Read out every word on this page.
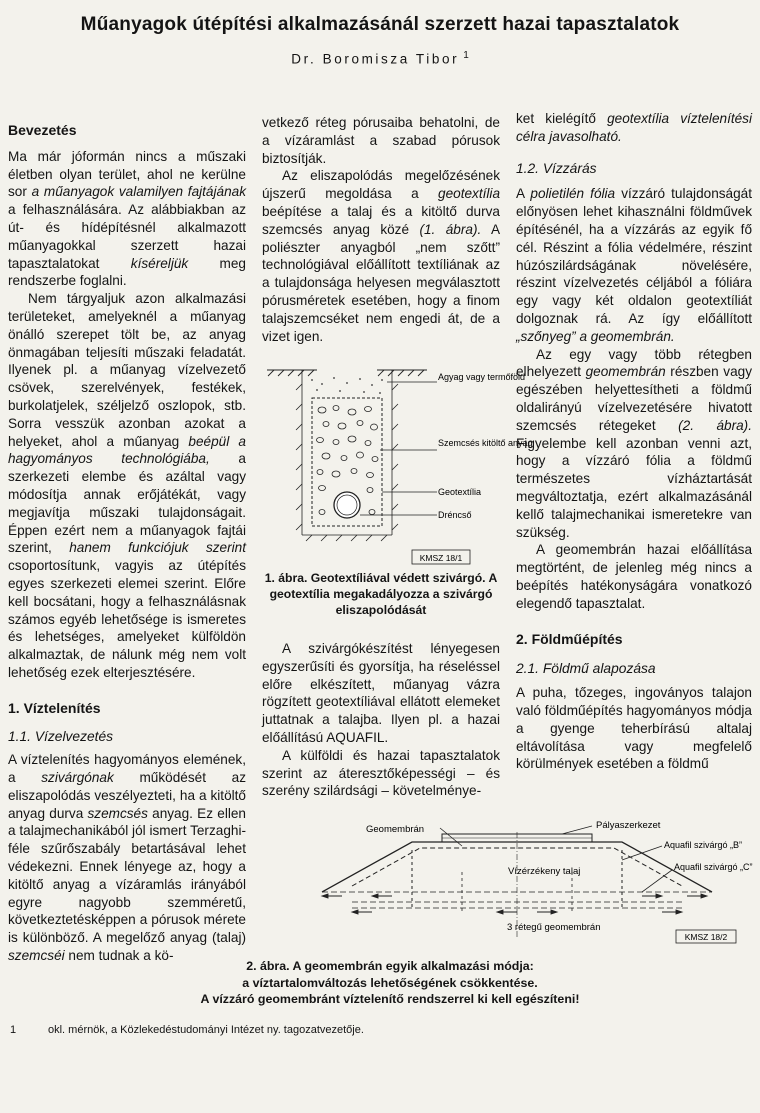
Műanyagok útépítési alkalmazásánál szerzett hazai tapasztalatok
Dr. Boromisza Tibor $^1$
Bevezetés

Ma már jóformán nincs a műszaki életben olyan terület, ahol ne kerülne sor a műanyagok valamilyen fajtájának a felhasználására. Az alábbiakban az út- és hídépítésnél alkalmazott műanyagokkal szerzett hazai tapasztalatokat kíséreljük meg rendszerbe foglalni.

Nem tárgyaljuk azon alkalmazási területeket, amelyeknél a műanyag önálló szerepet tölt be, az anyag önmagában teljesíti műszaki feladatát. Ilyenek pl. a műanyag vízelvezető csövek, szerelvények, festékek, burkolatjelek, széljelző oszlopok, stb. Sorra vesszük azonban azokat a helyeket, ahol a műanyag beépül a hagyományos technológiába, a szerkezeti elembe és azáltal vagy módosítja annak erőjátékát, vagy megjavítja műszaki tulajdonságait. Éppen ezért nem a műanyagok fajtái szerint, hanem funkciójuk szerint csoportosítunk, vagyis az útépítés egyes szerkezeti elemei szerint. Előre kell bocsátani, hogy a felhasználásnak számos egyéb lehetősége is ismeretes és lehetséges, amelyeket külföldön alkalmaztak, de nálunk még nem volt lehetőség ezek elterjesztésére.

1. Víztelenítés
1.1. Vízelvezetés

A víztelenítés hagyományos elemének, a szivárgónak működését az eliszapolódás veszélyezteti, ha a kitöltő anyag durva szemcsés anyag. Ez ellen a talajmechanikából jól ismert Terzaghi-féle szűrőszabály betartásával lehet védekezni. Ennek lényege az, hogy a kitöltő anyag a vízáramlás irányából egyre nagyobb szemméretű, következtetésképpen a pórusok mérete is különböző. A megelőző anyag (talaj) szemcséi nem tudnak a kö-

vetkező réteg pórusaiba behatolni, de a vízáramlást a szabad pórusok biztosítják.

Az eliszapolódás megelőzésének újszerű megoldása a geotextília beépítése a talaj és a kitöltő durva szemcsés anyag közé (1. ábra). A poliészter anyagból „nem szőtt” technológiával előállított textíliának az a tulajdonsága helyesen megválasztott pórusméretek esetében, hogy a finom talajszemcséket nem engedi át, de a vizet igen.

Agyag vagy termőföld
Szemcsés kitöltő anyag
Geotextília
Dréncső
KMSZ 18/1
1. ábra. Geotextíliával védett szivárgó. A geotextília megakadályozza a szivárgó eliszapolódását

A szivárgókészítést lényegesen egyszerűsíti és gyorsítja, ha réseléssel előre elkészített, műanyag vázra rögzített geotextíliával ellátott elemeket juttatnak a talajba. Ilyen pl. a hazai előállítású AQUAFIL.

A külföldi és hazai tapasztalatok szerint az áteresztőképességi – és szerény szilárdsági – követelménye-

ket kielégítő geotextília víztelenítési célra javasolható.

1.2. Vízzárás

A polietilén fólia vízzáró tulajdonságát előnyösen lehet kihasználni földművek építésénél, ha a vízzárás az egyik fő cél. Részint a fólia védelmére, részint húzószilárdságának növelésére, részint vízelvezetés céljából a fóliára egy vagy két oldalon geotextíliát dolgoznak rá. Az így előállított „szőnyeg” a geomembrán.

Az egy vagy több rétegben elhelyezett geomembrán részben vagy egészében helyettesítheti a földmű oldalirányú vízelvezetésére hivatott szemcsés rétegeket (2. ábra). Figyelembe kell azonban venni azt, hogy a vízzáró fólia a földmű természetes vízháztartását megváltoztatja, ezért alkalmazásánál kellő talajmechanikai ismeretekre van szükség.

A geomembrán hazai előállítása megtörtént, de jelenleg még nincs a beépítés hatékonyságára vonatkozó elegendő tapasztalat.

2. Földműépítés
2.1. Földmű alapozása

A puha, tőzeges, ingoványos talajon való földműépítés hagyományos módja a gyenge teherbírású altalaj eltávolítása vagy megfelelő körülmények esetében a földmű

Geomembrán	Pályaszerkezet
Aquafil szivárgó „B”
Aquafil szivárgó „C”
Vízérzékeny talaj
3 rétegű geomembrán
KMSZ 18/2
2. ábra. A geomembrán egyik alkalmazási módja:
a víztartalomváltozás lehetőségének csökkentése.
A vízzáró geomembránt víztelenítő rendszerrel ki kell egészíteni!
1	okl. mérnök, a Közlekedéstudományi Intézet ny. tagozatvezetője.
